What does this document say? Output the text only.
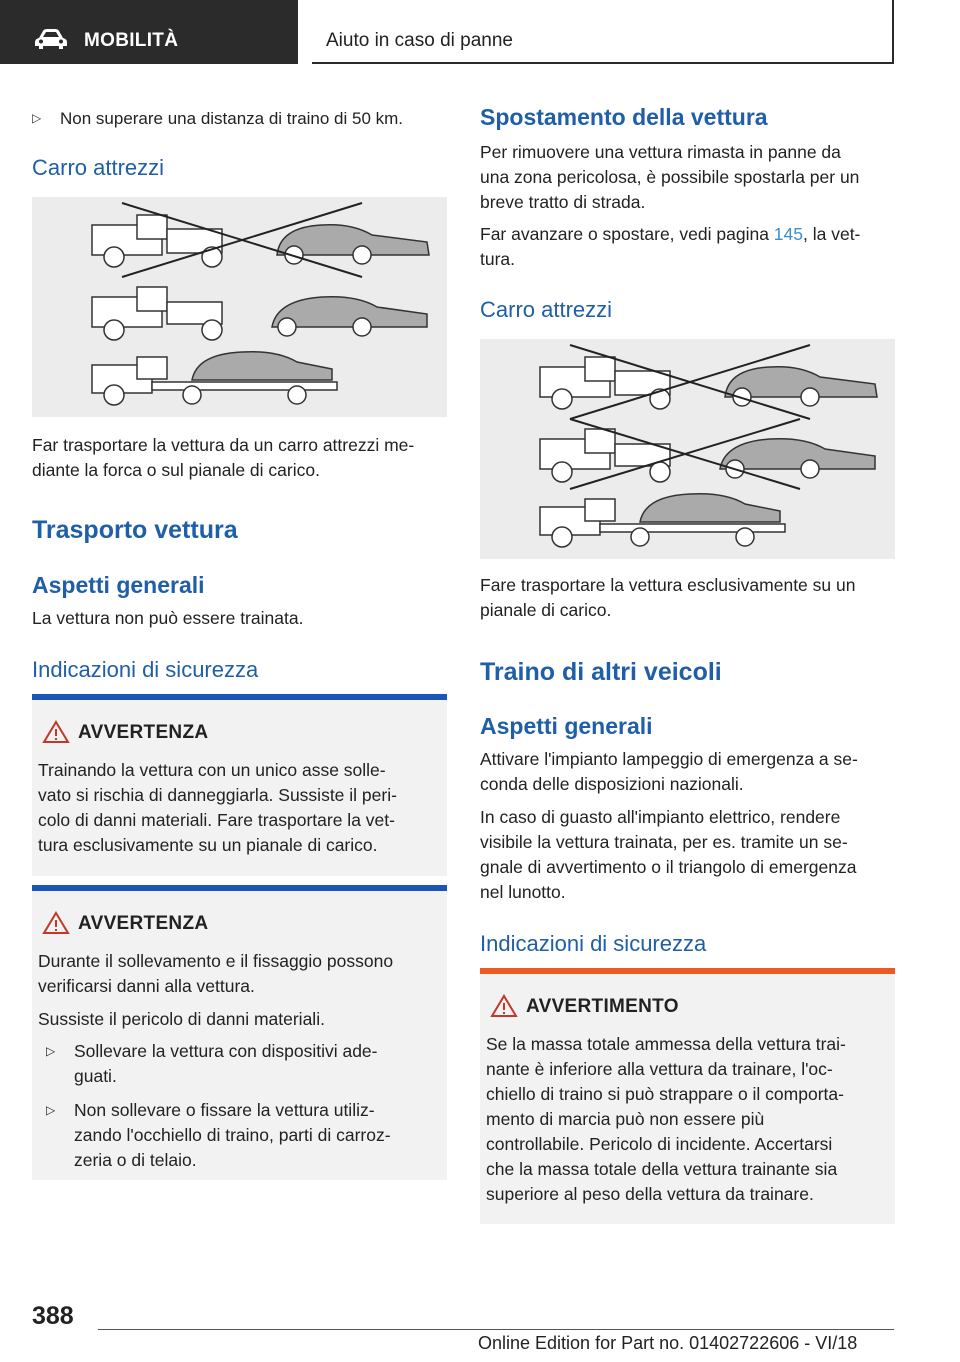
MOBILITÀ	Aiuto in caso di panne
▷ Non superare una distanza di traino di 50 km.
Carro attrezzi

Far trasportare la vettura da un carro attrezzi me-

diante la forca o sul pianale di carico.

Trasporto vettura
Aspetti generali

La vettura non può essere trainata.

Indicazioni di sicurezza
AVVERTENZA
Trainando la vettura con un unico asse solle-
vato si rischia di danneggiarla. Sussiste il peri-
colo di danni materiali. Fare trasportare la vet-
tura esclusivamente su un pianale di carico.
AVVERTENZA
Durante il sollevamento e il fissaggio possono
verificarsi danni alla vettura.
Sussiste il pericolo di danni materiali.
▷ Sollevare la vettura con dispositivi ade-
guati.
▷ Non sollevare o fissare la vettura utiliz-
zando l'occhiello di traino, parti di carroz-
zeria o di telaio.
Spostamento della vettura

Per rimuovere una vettura rimasta in panne da

una zona pericolosa, è possibile spostarla per un

breve tratto di strada.

Far avanzare o spostare, vedi pagina 145, la vet-

tura.

Carro attrezzi

Fare trasportare la vettura esclusivamente su un

pianale di carico.

Traino di altri veicoli
Aspetti generali

Attivare l'impianto lampeggio di emergenza a se-

conda delle disposizioni nazionali.

In caso di guasto all'impianto elettrico, rendere

visibile la vettura trainata, per es. tramite un se-

gnale di avvertimento o il triangolo di emergenza

nel lunotto.

Indicazioni di sicurezza
AVVERTIMENTO
Se la massa totale ammessa della vettura trai-
nante è inferiore alla vettura da trainare, l'oc-
chiello di traino si può strappare o il comporta-
mento di marcia può non essere più
controllabile. Pericolo di incidente. Accertarsi
che la massa totale della vettura trainante sia
superiore al peso della vettura da trainare.
388
Online Edition for Part no. 01402722606 - VI/18
